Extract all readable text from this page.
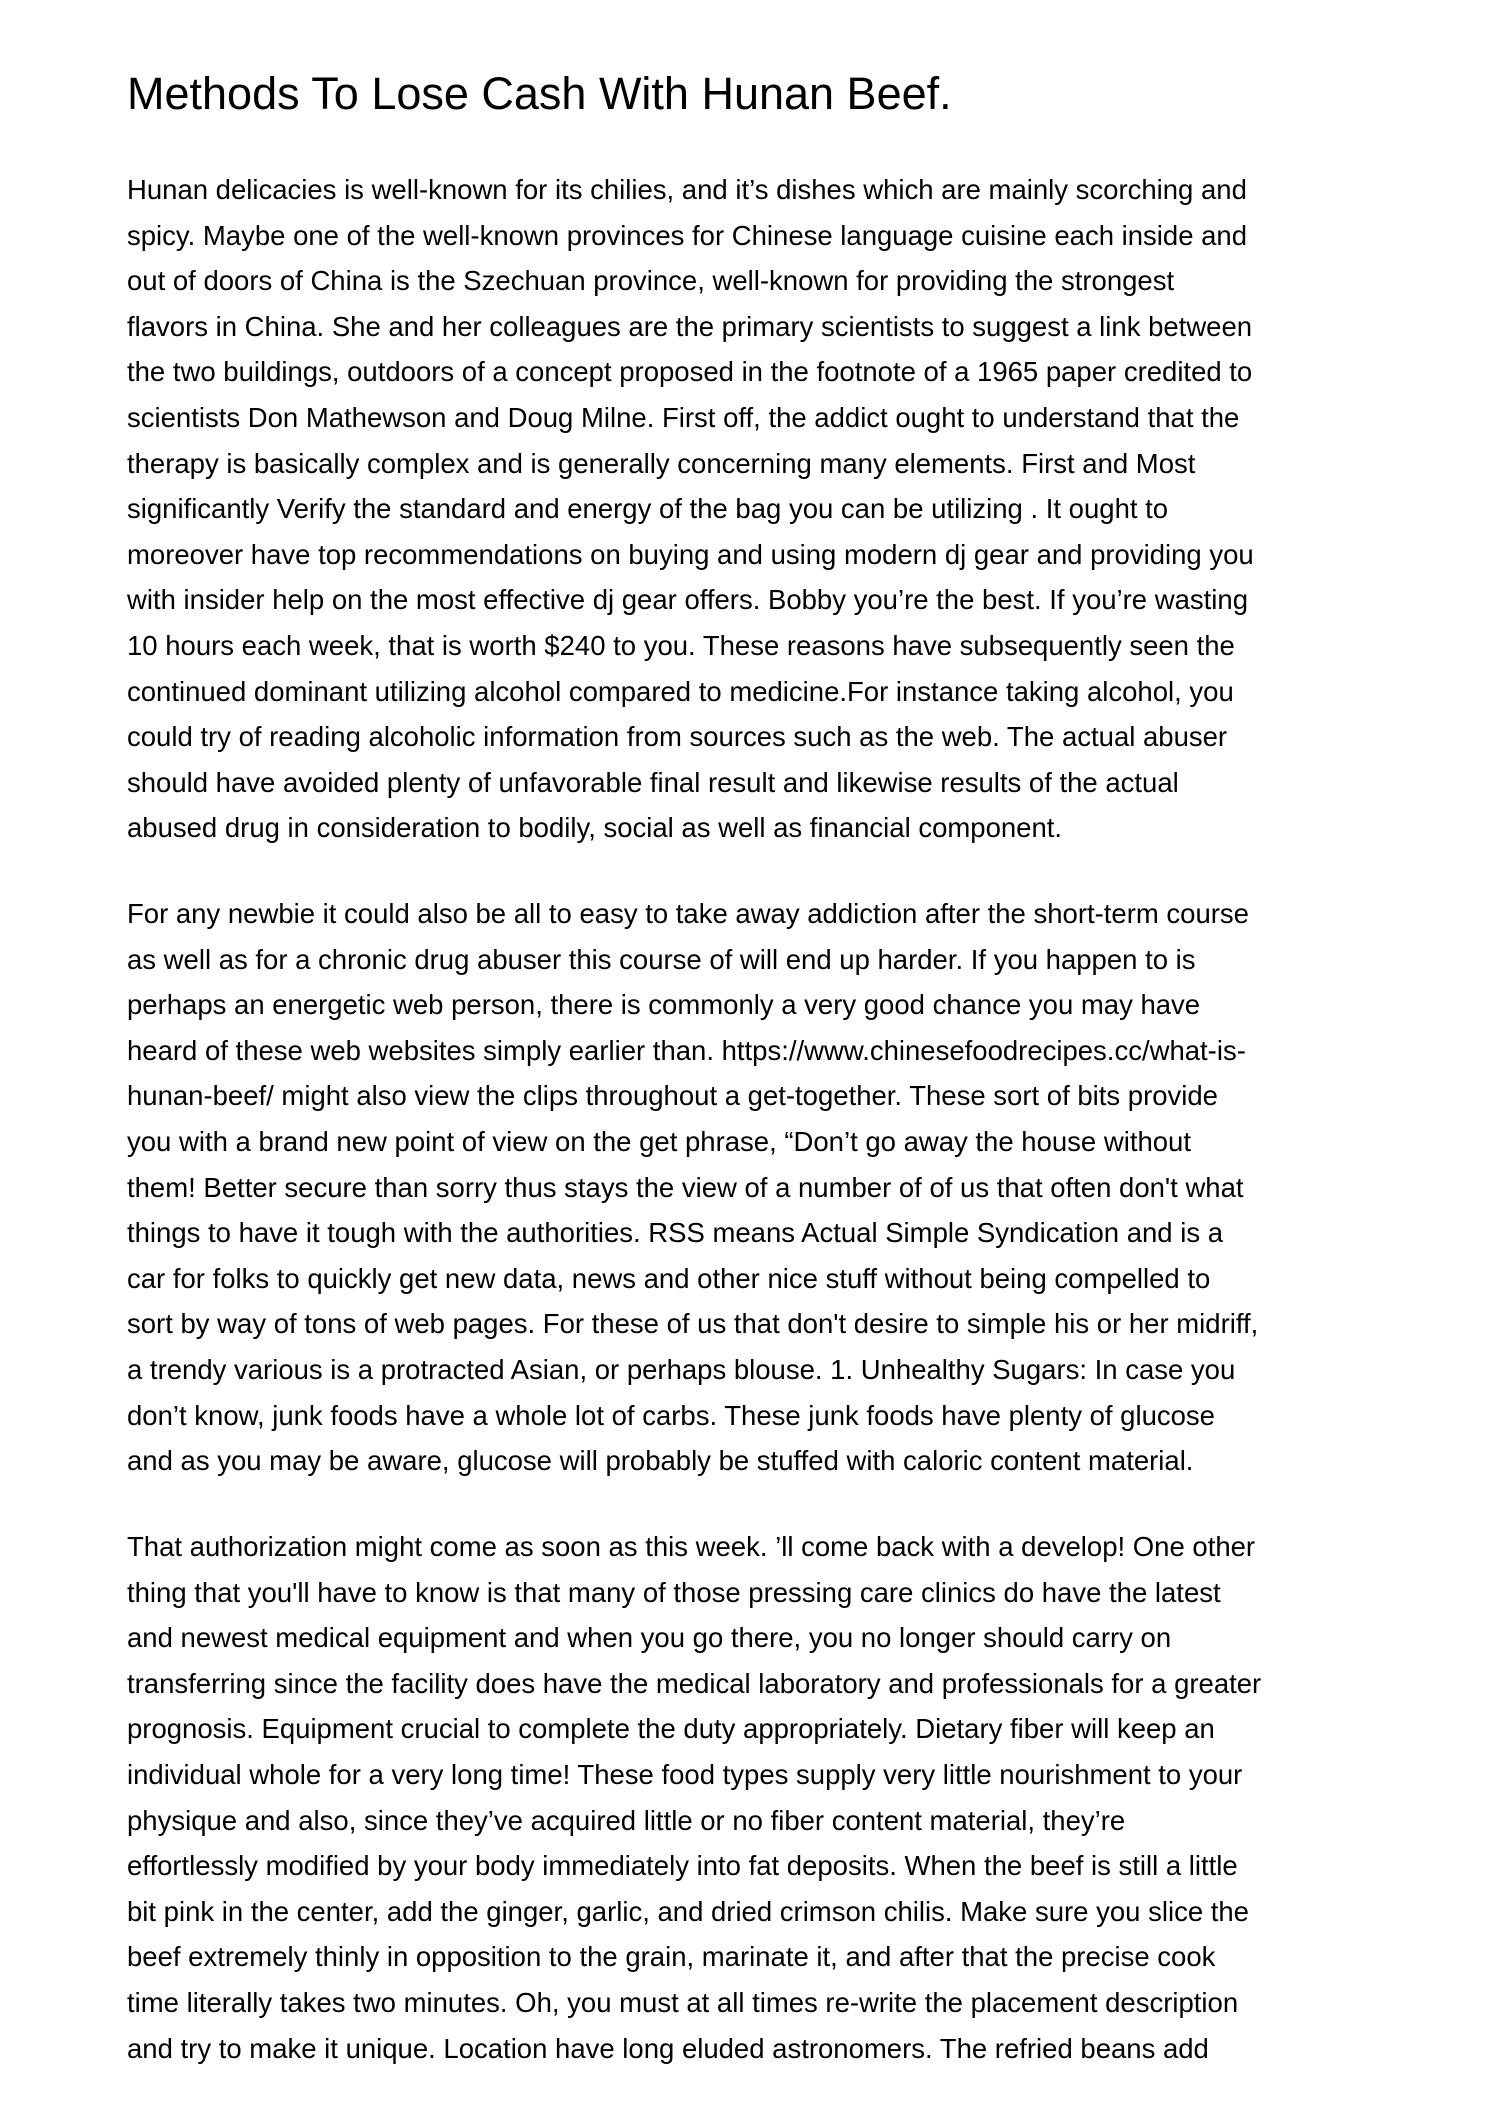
Methods To Lose Cash With Hunan Beef.

Hunan delicacies is well-known for its chilies, and it’s dishes which are mainly scorching and
spicy. Maybe one of the well-known provinces for Chinese language cuisine each inside and
out of doors of China is the Szechuan province, well-known for providing the strongest
flavors in China. She and her colleagues are the primary scientists to suggest a link between
the two buildings, outdoors of a concept proposed in the footnote of a 1965 paper credited to
scientists Don Mathewson and Doug Milne. First off, the addict ought to understand that the
therapy is basically complex and is generally concerning many elements. First and Most
significantly Verify the standard and energy of the bag you can be utilizing . It ought to
moreover have top recommendations on buying and using modern dj gear and providing you
with insider help on the most effective dj gear offers. Bobby you’re the best. If you’re wasting
10 hours each week, that is worth $240 to you. These reasons have subsequently seen the
continued dominant utilizing alcohol compared to medicine.For instance taking alcohol, you
could try of reading alcoholic information from sources such as the web. The actual abuser
should have avoided plenty of unfavorable final result and likewise results of the actual
abused drug in consideration to bodily, social as well as financial component.

For any newbie it could also be all to easy to take away addiction after the short-term course
as well as for a chronic drug abuser this course of will end up harder. If you happen to is
perhaps an energetic web person, there is commonly a very good chance you may have
heard of these web websites simply earlier than. https://www.chinesefoodrecipes.cc/what-is-
hunan-beef/ might also view the clips throughout a get-together. These sort of bits provide
you with a brand new point of view on the get phrase, “Don’t go away the house without
them! Better secure than sorry thus stays the view of a number of of us that often don't what
things to have it tough with the authorities. RSS means Actual Simple Syndication and is a
car for folks to quickly get new data, news and other nice stuff without being compelled to
sort by way of tons of web pages. For these of us that don't desire to simple his or her midriff,
a trendy various is a protracted Asian, or perhaps blouse. 1. Unhealthy Sugars: In case you
don’t know, junk foods have a whole lot of carbs. These junk foods have plenty of glucose
and as you may be aware, glucose will probably be stuffed with caloric content material.

That authorization might come as soon as this week. ’ll come back with a develop! One other
thing that you'll have to know is that many of those pressing care clinics do have the latest
and newest medical equipment and when you go there, you no longer should carry on
transferring since the facility does have the medical laboratory and professionals for a greater
prognosis. Equipment crucial to complete the duty appropriately. Dietary fiber will keep an
individual whole for a very long time! These food types supply very little nourishment to your
physique and also, since they’ve acquired little or no fiber content material, they’re
effortlessly modified by your body immediately into fat deposits. When the beef is still a little
bit pink in the center, add the ginger, garlic, and dried crimson chilis. Make sure you slice the
beef extremely thinly in opposition to the grain, marinate it, and after that the precise cook
time literally takes two minutes. Oh, you must at all times re-write the placement description
and try to make it unique. Location have long eluded astronomers. The refried beans add
